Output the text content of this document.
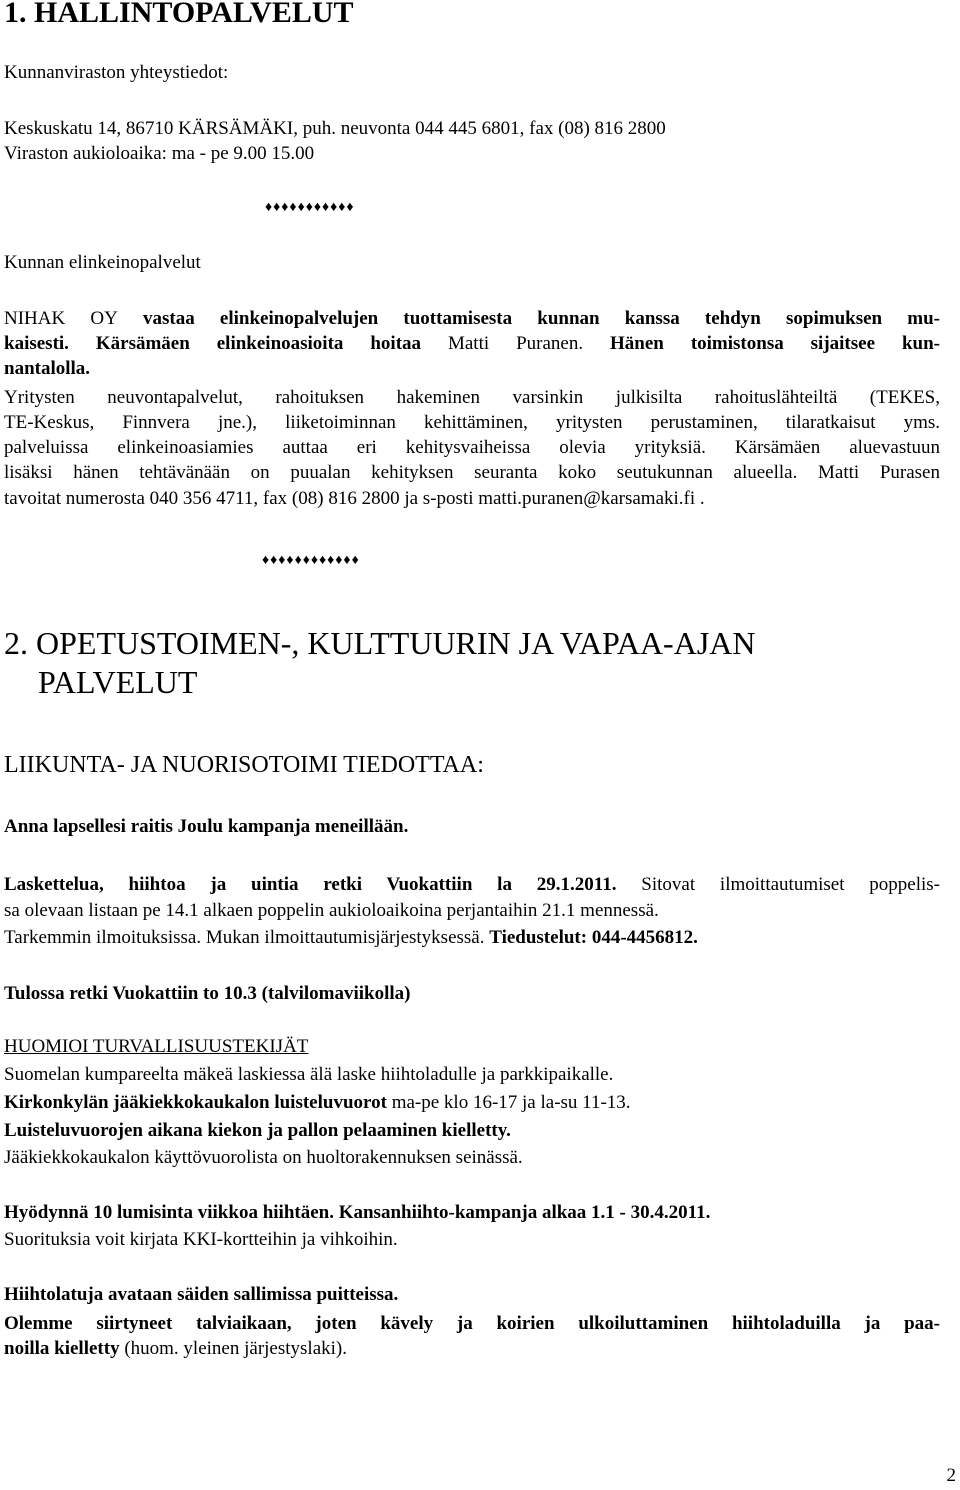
1. HALLINTOPALVELUT
Kunnanviraston yhteystiedot:
Keskuskatu 14, 86710 KÄRSÄMÄKI, puh. neuvonta 044 445 6801, fax (08) 816 2800
Viraston aukioloaika: ma - pe 9.00 15.00
♦♦♦♦♦♦♦♦♦♦♦
Kunnan elinkeinopalvelut
NIHAK OY vastaa elinkeinopalvelujen tuottamisesta kunnan kanssa tehdyn sopimuksen mu-
kaisesti. Kärsämäen elinkeinoasioita hoitaa Matti Puranen. Hänen toimistonsa sijaitsee kun-
nantalolla.
Yritysten neuvontapalvelut, rahoituksen hakeminen varsinkin julkisilta rahoituslähteiltä (TEKES,
TE-Keskus, Finnvera jne.), liiketoiminnan kehittäminen, yritysten perustaminen, tilaratkaisut yms.
palveluissa elinkeinoasiamies auttaa eri kehitysvaiheissa olevia yrityksiä. Kärsämäen aluevastuun
lisäksi hänen tehtävänään on puualan kehityksen seuranta koko seutukunnan alueella. Matti Purasen
tavoitat numerosta 040 356 4711, fax (08) 816 2800 ja s-posti matti.puranen@karsamaki.fi .
♦♦♦♦♦♦♦♦♦♦♦♦
2. OPETUSTOIMEN-, KULTTUURIN JA VAPAA-AJAN
PALVELUT
LIIKUNTA- JA NUORISOTOIMI TIEDOTTAA:
Anna lapsellesi raitis Joulu kampanja meneillään.
Laskettelua, hiihtoa ja uintia retki Vuokattiin la 29.1.2011. Sitovat ilmoittautumiset poppelis-
sa olevaan listaan pe 14.1 alkaen poppelin aukioloaikoina perjantaihin 21.1 mennessä.
Tarkemmin ilmoituksissa. Mukan ilmoittautumisjärjestyksessä. Tiedustelut: 044-4456812.
Tulossa retki Vuokattiin to 10.3 (talvilomaviikolla)
HUOMIOI TURVALLISUUSTEKIJÄT
Suomelan kumpareelta mäkeä laskiessa älä laske hiihtoladulle ja parkkipaikalle.
Kirkonkylän jääkiekkokaukalon luisteluvuorot ma-pe klo 16-17 ja la-su 11-13.
Luisteluvuorojen aikana kiekon ja pallon pelaaminen kielletty.
Jääkiekkokaukalon käyttövuorolista on huoltorakennuksen seinässä.
Hyödynnä 10 lumisinta viikkoa hiihtäen. Kansanhiihto-kampanja alkaa 1.1 - 30.4.2011.
Suorituksia voit kirjata KKI-kortteihin ja vihkoihin.
Hiihtolatuja avataan säiden sallimissa puitteissa.
Olemme siirtyneet talviaikaan, joten kävely ja koirien ulkoiluttaminen hiihtoladuilla ja paa-
noilla kielletty (huom. yleinen järjestyslaki).
2
